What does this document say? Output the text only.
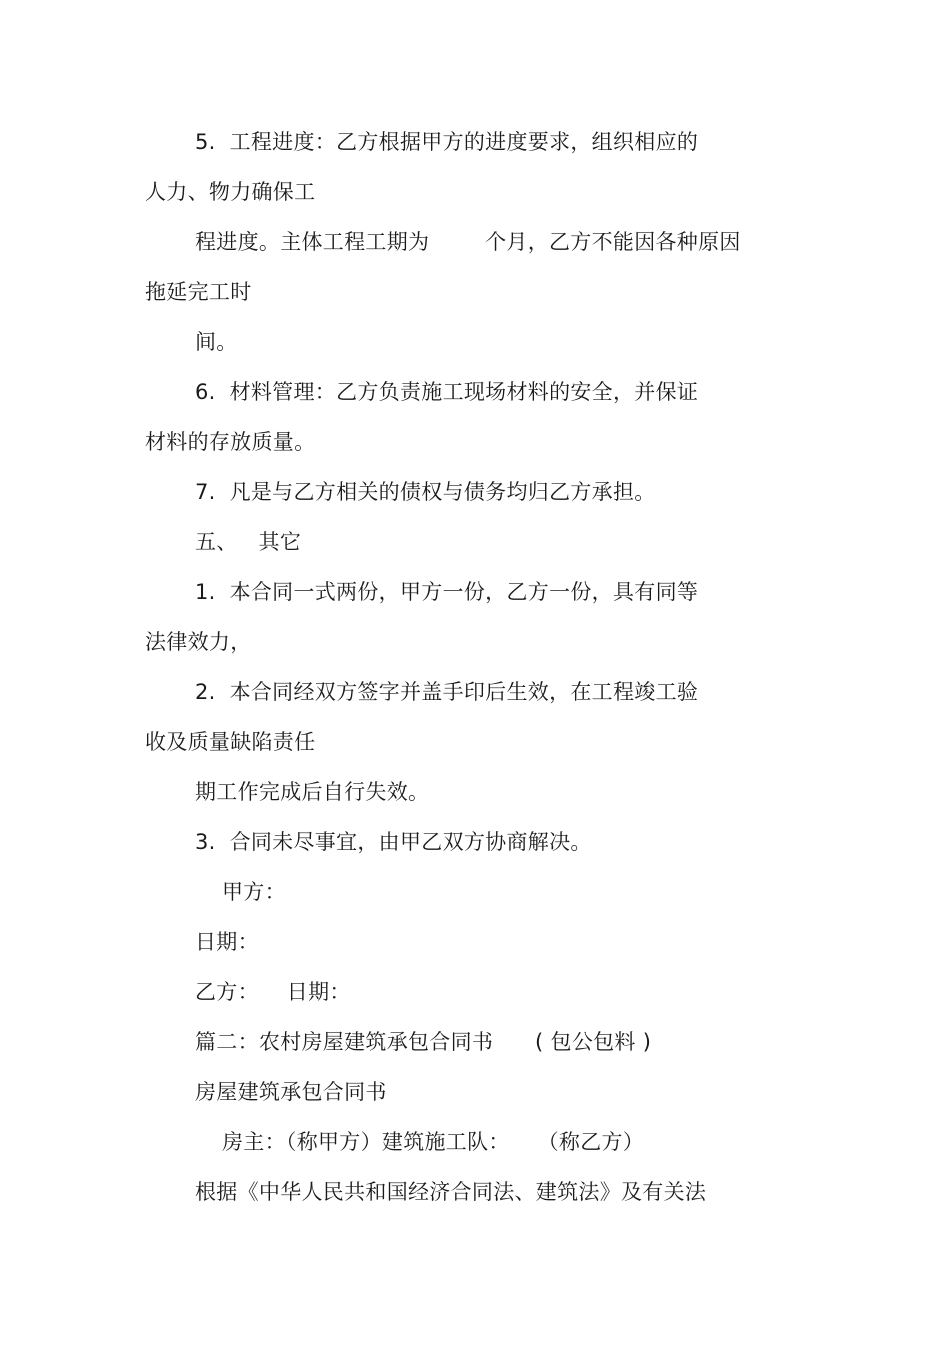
5.  工程进度：乙方根据甲方的进度要求，组织相应的
人力、物力确保工
程进度。主体工程工期为        个月，乙方不能因各种原因
拖延完工时
间。
6.  材料管理：乙方负责施工现场材料的安全，并保证
材料的存放质量。
7.  凡是与乙方相关的债权与债务均归乙方承担。
五、   其它
1.  本合同一式两份，甲方一份，乙方一份，具有同等
法律效力，
2.  本合同经双方签字并盖手印后生效，在工程竣工验
收及质量缺陷责任
期工作完成后自行失效。
3.  合同未尽事宜，由甲乙双方协商解决。
甲方：
日期：
乙方：    日期：
篇二：农村房屋建筑承包合同书      ( 包公包料 )
房屋建筑承包合同书
房主：（称甲方）建筑施工队：    （称乙方）
根据《中华人民共和国经济合同法、建筑法》及有关法
